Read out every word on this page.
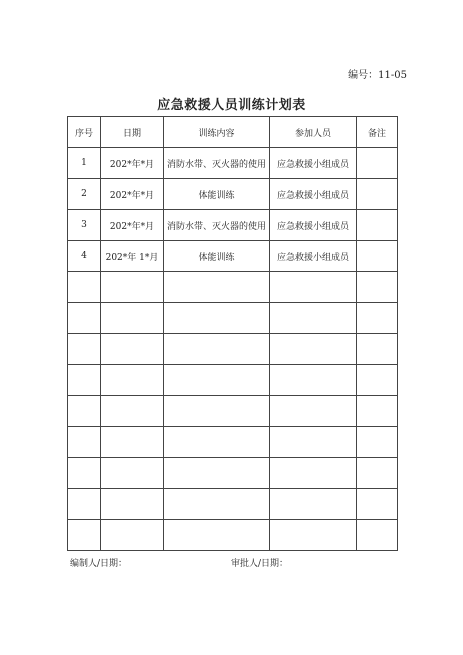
编号：11-05
应急救援人员训练计划表
序号	日期	训练内容	参加人员	备注
1	202*年*月	消防水带、灭火器的使用	应急救援小组成员	
2	202*年*月	体能训练	应急救援小组成员	
3	202*年*月	消防水带、灭火器的使用	应急救援小组成员	
4	202*年 1*月	体能训练	应急救援小组成员	

编制人/日期：	审批人/日期：
